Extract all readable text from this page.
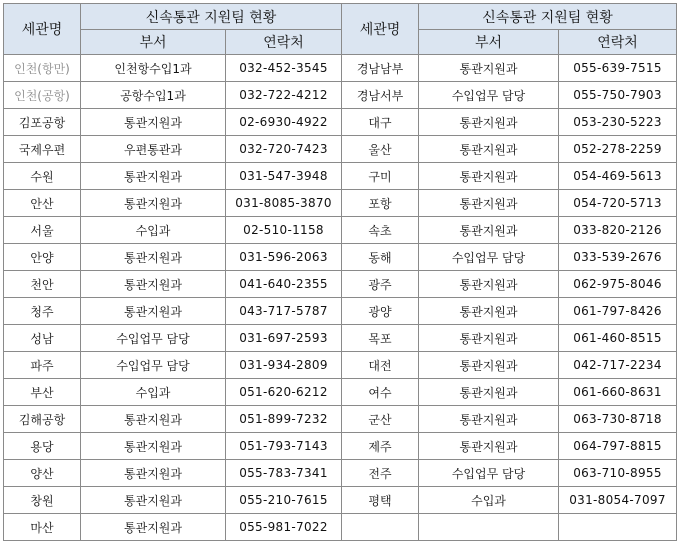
세관명	신속통관 지원팀 현황		세관명	신속통관 지원팀 현황	
	부서	연락처		부서	연락처
인천(항만)	인천항수입1과	032-452-3545	경남남부	통관지원과	055-639-7515
인천(공항)	공항수입1과	032-722-4212	경남서부	수입업무 담당	055-750-7903
김포공항	통관지원과	02-6930-4922	대구	통관지원과	053-230-5223
국제우편	우편통관과	032-720-7423	울산	통관지원과	052-278-2259
수원	통관지원과	031-547-3948	구미	통관지원과	054-469-5613
안산	통관지원과	031-8085-3870	포항	통관지원과	054-720-5713
서울	수입과	02-510-1158	속초	통관지원과	033-820-2126
안양	통관지원과	031-596-2063	동해	수입업무 담당	033-539-2676
천안	통관지원과	041-640-2355	광주	통관지원과	062-975-8046
청주	통관지원과	043-717-5787	광양	통관지원과	061-797-8426
성남	수입업무 담당	031-697-2593	목포	통관지원과	061-460-8515
파주	수입업무 담당	031-934-2809	대전	통관지원과	042-717-2234
부산	수입과	051-620-6212	여수	통관지원과	061-660-8631
김해공항	통관지원과	051-899-7232	군산	통관지원과	063-730-8718
용당	통관지원과	051-793-7143	제주	통관지원과	064-797-8815
양산	통관지원과	055-783-7341	전주	수입업무 담당	063-710-8955
창원	통관지원과	055-210-7615	평택	수입과	031-8054-7097
마산	통관지원과	055-981-7022			
